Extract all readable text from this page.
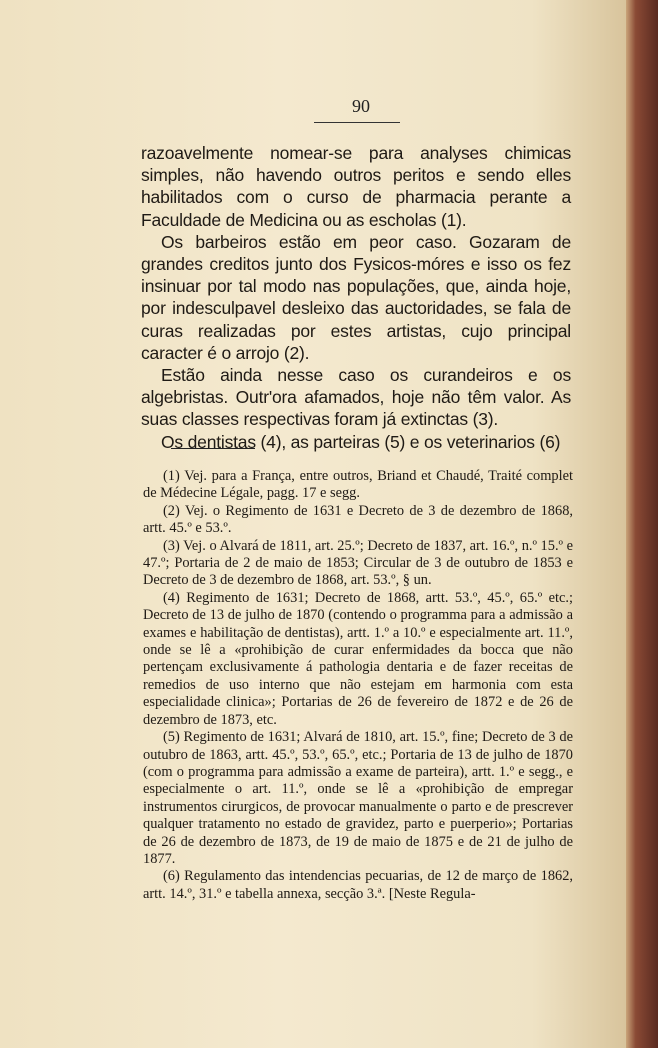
90

razoavelmente nomear-se para analyses chimicas simples, não havendo outros peritos e sendo elles habilitados com o curso de pharmacia perante a Faculdade de Medicina ou as escholas (1).

Os barbeiros estão em peor caso. Gozaram de grandes creditos junto dos Fysicos-móres e isso os fez insinuar por tal modo nas populações, que, ainda hoje, por indesculpavel desleixo das auctoridades, se fala de curas realizadas por estes artistas, cujo principal caracter é o arrojo (2).

Estão ainda nesse caso os curandeiros e os algebristas. Outr'ora afamados, hoje não têm valor. As suas classes respectivas foram já extinctas (3).

Os dentistas (4), as parteiras (5) e os veterinarios (6)

(1) Vej. para a França, entre outros, Briand et Chaudé, Traité complet de Médecine Légale, pagg. 17 e segg.

(2) Vej. o Regimento de 1631 e Decreto de 3 de dezembro de 1868, artt. 45.º e 53.º.

(3) Vej. o Alvará de 1811, art. 25.º; Decreto de 1837, art. 16.º, n.º 15.º e 47.º; Portaria de 2 de maio de 1853; Circular de 3 de outubro de 1853 e Decreto de 3 de dezembro de 1868, art. 53.º, § un.

(4) Regimento de 1631; Decreto de 1868, artt. 53.º, 45.º, 65.º etc.; Decreto de 13 de julho de 1870 (contendo o programma para a admissão a exames e habilitação de dentistas), artt. 1.º a 10.º e especialmente art. 11.º, onde se lê a «prohibição de curar enfermidades da bocca que não pertençam exclusivamente á pathologia dentaria e de fazer receitas de remedios de uso interno que não estejam em harmonia com esta especialidade clinica»; Portarias de 26 de fevereiro de 1872 e de 26 de dezembro de 1873, etc.

(5) Regimento de 1631; Alvará de 1810, art. 15.º, fine; Decreto de 3 de outubro de 1863, artt. 45.º, 53.º, 65.º, etc.; Portaria de 13 de julho de 1870 (com o programma para admissão a exame de parteira), artt. 1.º e segg., e especialmente o art. 11.º, onde se lê a «prohibição de empregar instrumentos cirurgicos, de provocar manualmente o parto e de prescrever qualquer tratamento no estado de gravidez, parto e puerperio»; Portarias de 26 de dezembro de 1873, de 19 de maio de 1875 e de 21 de julho de 1877.

(6) Regulamento das intendencias pecuarias, de 12 de março de 1862, artt. 14.º, 31.º e tabella annexa, secção 3.ª. [Neste Regula-
